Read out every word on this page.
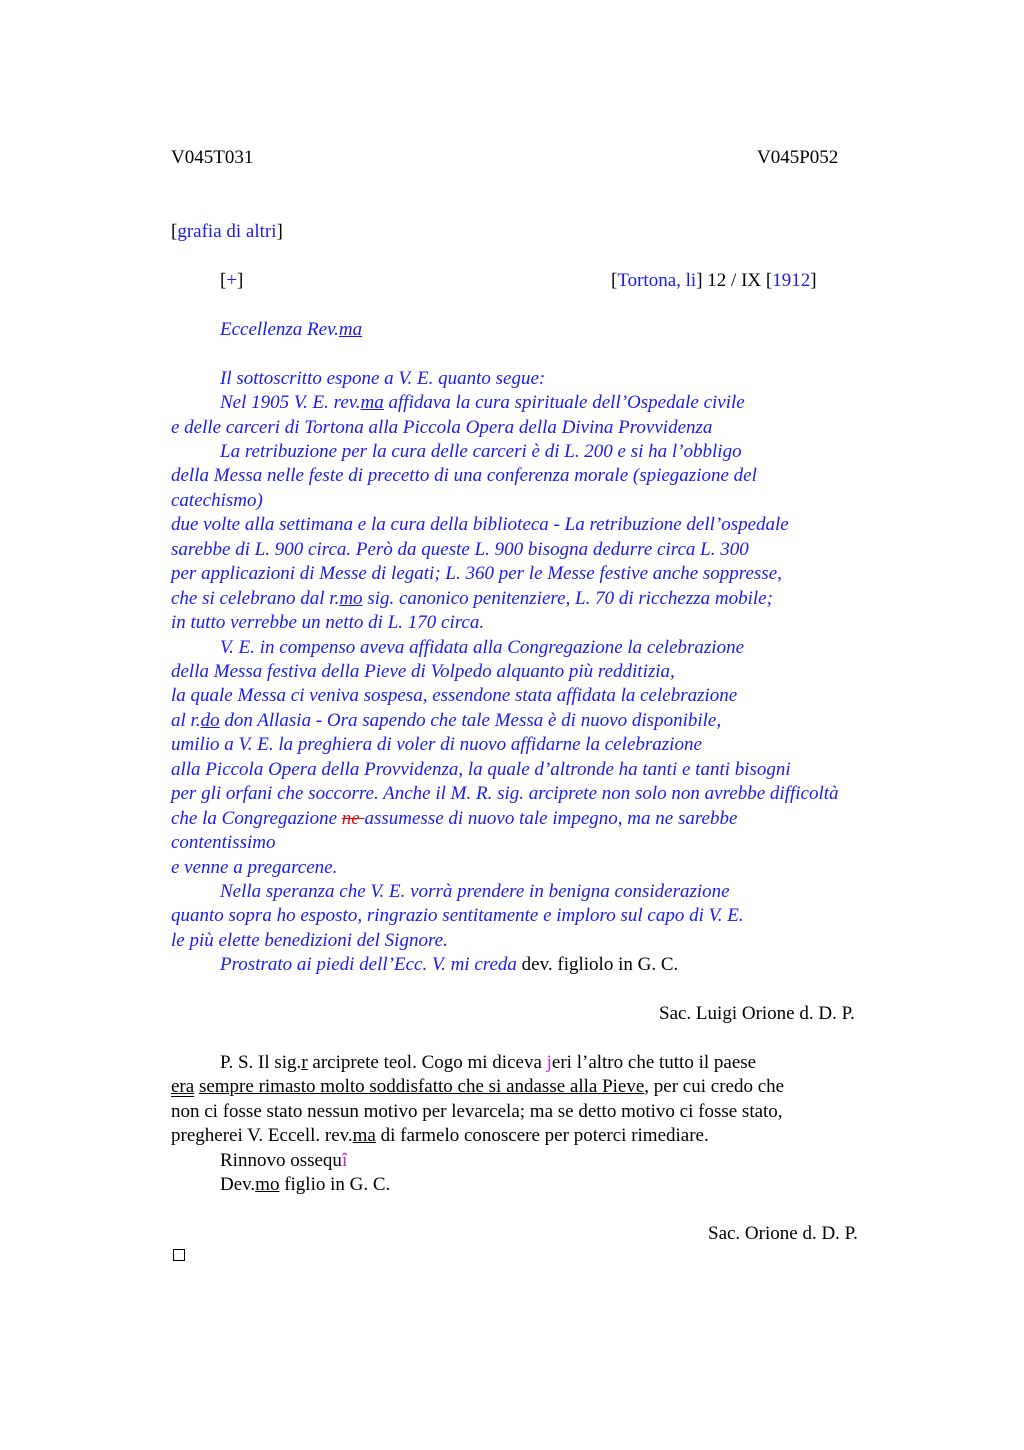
V045T031	V045P052
[grafia di altri]
[+]	[Tortona, li] 12 / IX [1912]
Eccellenza Rev.ma
Il sottoscritto espone a V. E. quanto segue:
Nel 1905 V. E. rev.ma affidava la cura spirituale dell’Ospedale civile
e delle carceri di Tortona alla Piccola Opera della Divina Provvidenza
La retribuzione per la cura delle carceri è di L. 200 e si ha l’obbligo
della Messa nelle feste di precetto di una conferenza morale (spiegazione del
catechismo)
due volte alla settimana e la cura della biblioteca - La retribuzione dell’ospedale
sarebbe di L. 900 circa. Però da queste L. 900 bisogna dedurre circa L. 300
per applicazioni di Messe di legati; L. 360 per le Messe festive anche soppresse,
che si celebrano dal r.mo sig. canonico penitenziere, L. 70 di ricchezza mobile;
in tutto verrebbe un netto di L. 170 circa.
V. E. in compenso aveva affidata alla Congregazione la celebrazione
della Messa festiva della Pieve di Volpedo alquanto più redditizia,
la quale Messa ci veniva sospesa, essendone stata affidata la celebrazione
al r.do don Allasia - Ora sapendo che tale Messa è di nuovo disponibile,
umilio a V. E. la preghiera di voler di nuovo affidarne la celebrazione
alla Piccola Opera della Provvidenza, la quale d’altronde ha tanti e tanti bisogni
per gli orfani che soccorre. Anche il M. R. sig. arciprete non solo non avrebbe difficoltà
che la Congregazione ne assumesse di nuovo tale impegno, ma ne sarebbe
contentissimo
e venne a pregarcene.
Nella speranza che V. E. vorrà prendere in benigna considerazione
quanto sopra ho esposto, ringrazio sentitamente e imploro sul capo di V. E.
le più elette benedizioni del Signore.
Prostrato ai piedi dell’Ecc. V. mi creda dev. figliolo in G. C.
Sac. Luigi Orione d. D. P.
P. S. Il sig.r arciprete teol. Cogo mi diceva jeri l’altro che tutto il paese
era sempre rimasto molto soddisfatto che si andasse alla Pieve, per cui credo che
non ci fosse stato nessun motivo per levarcela; ma se detto motivo ci fosse stato,
pregherei V. Eccell. rev.ma di farmelo conoscere per poterci rimediare.
Rinnovo ossequî
Dev.mo figlio in G. C.
Sac. Orione d. D. P.
